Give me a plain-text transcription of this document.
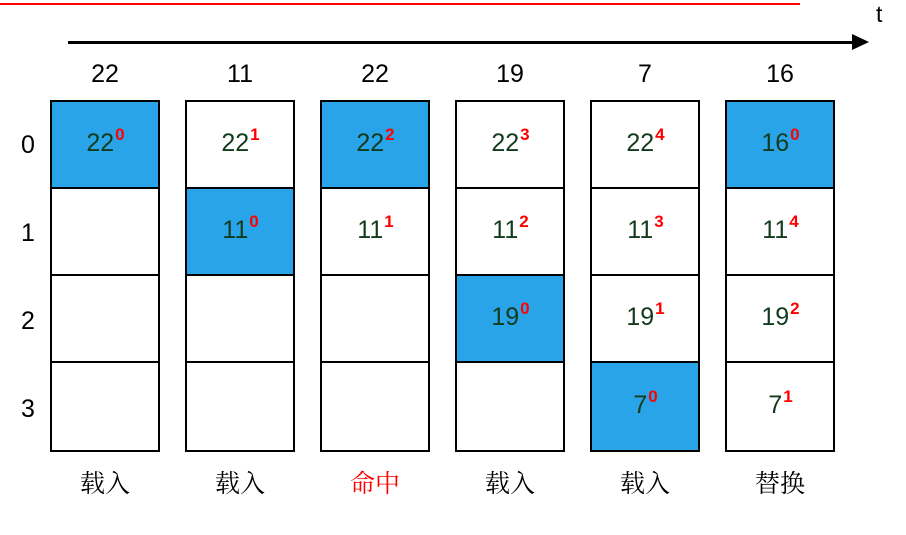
t
0
1
2
3
22
$22^0$
载入
11
$22^1$
$11^0$
载入
22
$22^2$
$11^1$
命中
19
$22^3$
$11^2$
$19^0$
载入
7
$22^4$
$11^3$
$19^1$
$7^0$
载入
16
$16^0$
$11^4$
$19^2$
$7^1$
替换
